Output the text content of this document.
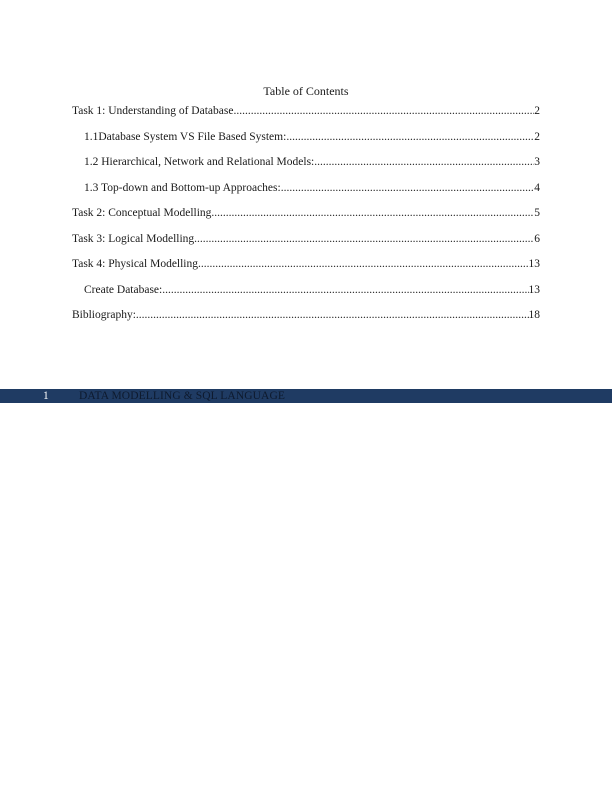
Table of Contents
Task 1: Understanding of Database .....	2
1.1Database System VS File Based System: .....	2
1.2 Hierarchical, Network and Relational Models: .....	3
1.3 Top-down and Bottom-up Approaches: .....	4
Task 2: Conceptual Modelling .....	5
Task 3: Logical Modelling .....	6
Task 4: Physical Modelling .....	13
Create Database: .....	13
Bibliography: .....	18
1	DATA MODELLING & SQL LANGUAGE
